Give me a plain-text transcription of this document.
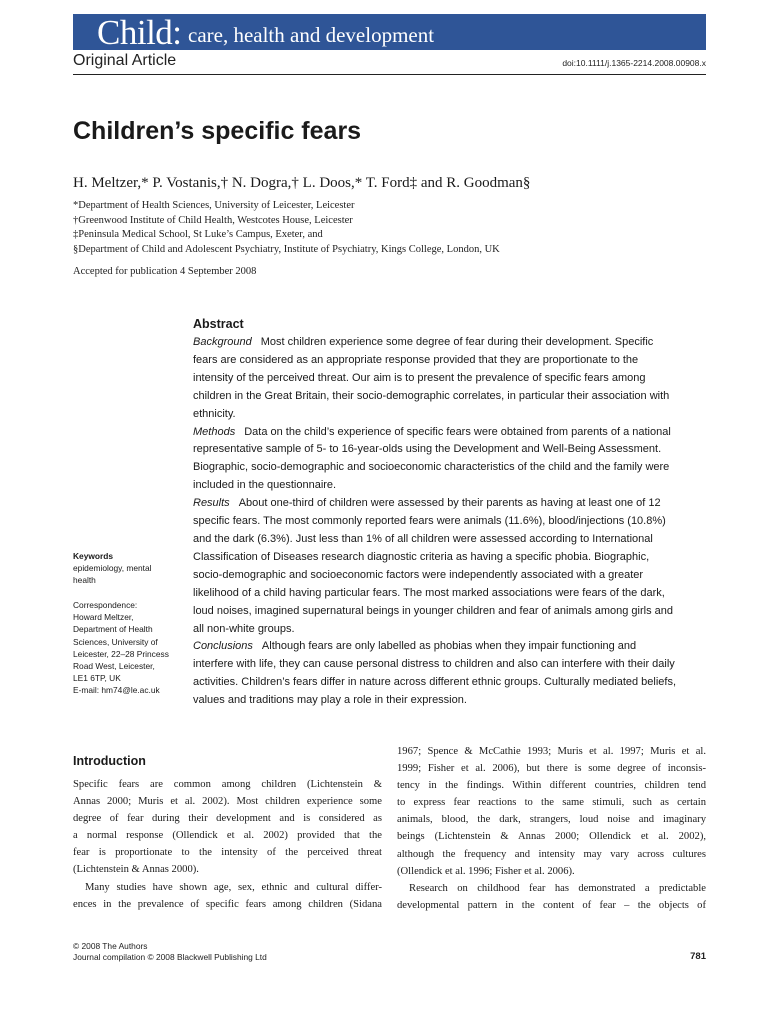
Child: care, health and development
Original Article	doi:10.1111/j.1365-2214.2008.00908.x
Children’s specific fears
H. Meltzer,* P. Vostanis,† N. Dogra,† L. Doos,* T. Ford‡ and R. Goodman§
*Department of Health Sciences, University of Leicester, Leicester
†Greenwood Institute of Child Health, Westcotes House, Leicester
‡Peninsula Medical School, St Luke’s Campus, Exeter, and
§Department of Child and Adolescent Psychiatry, Institute of Psychiatry, Kings College, London, UK
Accepted for publication 4 September 2008
Abstract
Background Most children experience some degree of fear during their development. Specific
fears are considered as an appropriate response provided that they are proportionate to the
intensity of the perceived threat. Our aim is to present the prevalence of specific fears among
children in the Great Britain, their socio-demographic correlates, in particular their association with
ethnicity.
Methods Data on the child’s experience of specific fears were obtained from parents of a national
representative sample of 5- to 16-year-olds using the Development and Well-Being Assessment.
Biographic, socio-demographic and socioeconomic characteristics of the child and the family were
included in the questionnaire.
Results About one-third of children were assessed by their parents as having at least one of 12
specific fears. The most commonly reported fears were animals (11.6%), blood/injections (10.8%)
and the dark (6.3%). Just less than 1% of all children were assessed according to International
Classification of Diseases research diagnostic criteria as having a specific phobia. Biographic,
socio-demographic and socioeconomic factors were independently associated with a greater
likelihood of a child having particular fears. The most marked associations were fears of the dark,
loud noises, imagined supernatural beings in younger children and fear of animals among girls and
all non-white groups.
Conclusions Although fears are only labelled as phobias when they impair functioning and
interfere with life, they can cause personal distress to children and also can interfere with their daily
activities. Children’s fears differ in nature across different ethnic groups. Culturally mediated beliefs,
values and traditions may play a role in their expression.
Keywords
epidemiology, mental
health
Correspondence:
Howard Meltzer,
Department of Health
Sciences, University of
Leicester, 22–28 Princess
Road West, Leicester,
LE1 6TP, UK
E-mail: hm74@le.ac.uk
Introduction
Specific fears are common among children (Lichtenstein &
Annas 2000; Muris et al. 2002). Most children experience some
degree of fear during their development and is considered as
a normal response (Ollendick et al. 2002) provided that the
fear is proportionate to the intensity of the perceived threat
(Lichtenstein & Annas 2000).
Many studies have shown age, sex, ethnic and cultural differ-
ences in the prevalence of specific fears among children (Sidana
1967; Spence & McCathie 1993; Muris et al. 1997; Muris et al.
1999; Fisher et al. 2006), but there is some degree of inconsis-
tency in the findings. Within different countries, children tend
to express fear reactions to the same stimuli, such as certain
animals, blood, the dark, strangers, loud noise and imaginary
beings (Lichtenstein & Annas 2000; Ollendick et al. 2002),
although the frequency and intensity may vary across cultures
(Ollendick et al. 1996; Fisher et al. 2006).
Research on childhood fear has demonstrated a predictable
developmental pattern in the content of fear – the objects of
© 2008 The Authors
Journal compilation © 2008 Blackwell Publishing Ltd	781
